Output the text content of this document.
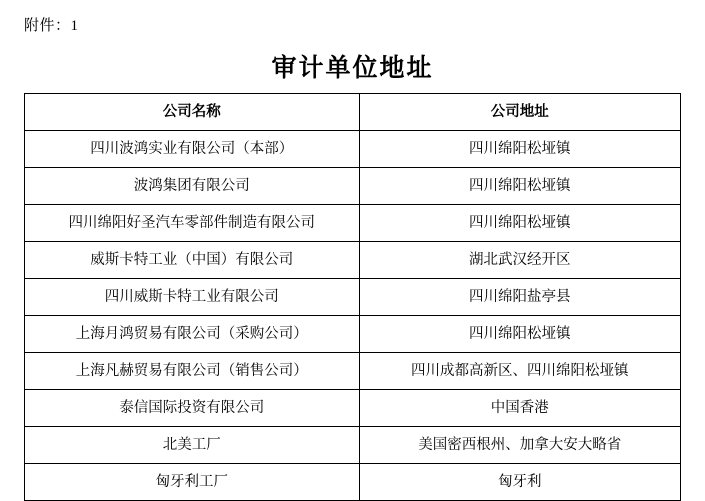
附件：1
审计单位地址
公司名称	公司地址
四川波鸿实业有限公司（本部）	四川绵阳松垭镇
波鸿集团有限公司	四川绵阳松垭镇
四川绵阳好圣汽车零部件制造有限公司	四川绵阳松垭镇
威斯卡特工业（中国）有限公司	湖北武汉经开区
四川威斯卡特工业有限公司	四川绵阳盐亭县
上海月鸿贸易有限公司（采购公司）	四川绵阳松垭镇
上海凡赫贸易有限公司（销售公司）	四川成都高新区、四川绵阳松垭镇
泰信国际投资有限公司	中国香港
北美工厂	美国密西根州、加拿大安大略省
匈牙利工厂	匈牙利
